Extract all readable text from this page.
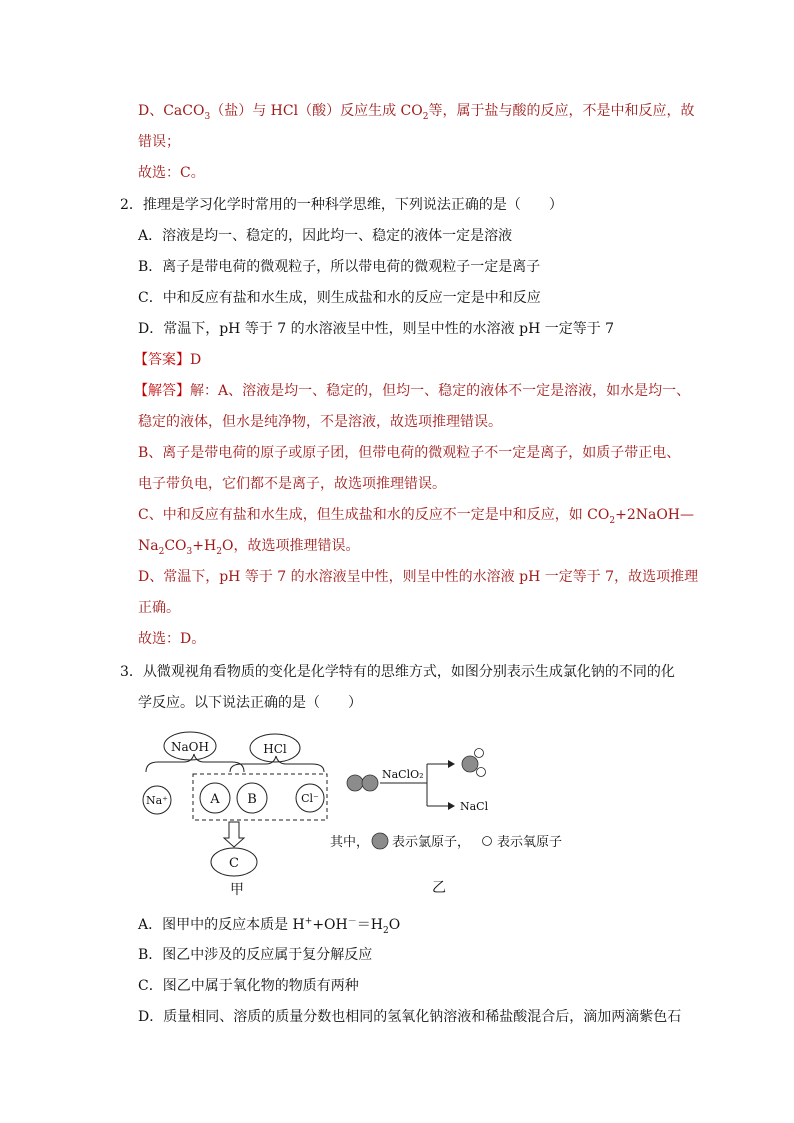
D、CaCO$_3$（盐）与 HCl（酸）反应生成 $CO_2$等，属于盐与酸的反应，不是中和反应，故
错误；
故选：C。
2．推理是学习化学时常用的一种科学思维，下列说法正确的是（　　）
A．溶液是均一、稳定的，因此均一、稳定的液体一定是溶液
B．离子是带电荷的微观粒子，所以带电荷的微观粒子一定是离子
C．中和反应有盐和水生成，则生成盐和水的反应一定是中和反应
D．常温下，pH 等于 7 的水溶液呈中性，则呈中性的水溶液 pH 一定等于 7
【答案】D
【解答】解：A、溶液是均一、稳定的，但均一、稳定的液体不一定是溶液，如水是均一、
稳定的液体，但水是纯净物，不是溶液，故选项推理错误。
B、离子是带电荷的原子或原子团，但带电荷的微观粒子不一定是离子，如质子带正电、
电子带负电，它们都不是离子，故选项推理错误。
C、中和反应有盐和水生成，但生成盐和水的反应不一定是中和反应，如 $CO_2+2NaOH—$
$Na_2CO_3+H_2O$，故选项推理错误。
D、常温下，pH 等于 7 的水溶液呈中性，则呈中性的水溶液 pH 一定等于 7，故选项推理
正确。
故选：D。
3．从微观视角看物质的变化是化学特有的思维方式，如图分别表示生成氯化钠的不同的化
学反应。以下说法正确的是（　　）
NaOH	HCl
Na⁺	A B	Cl⁻
C
甲
NaClO₂
NaCl
其中， 表示氯原子， 表示氧原子
乙
A．图甲中的反应本质是 $H^++OH^-=H_2O$
B．图乙中涉及的反应属于复分解反应
C．图乙中属于氧化物的物质有两种
D．质量相同、溶质的质量分数也相同的氢氧化钠溶液和稀盐酸混合后，滴加两滴紫色石
